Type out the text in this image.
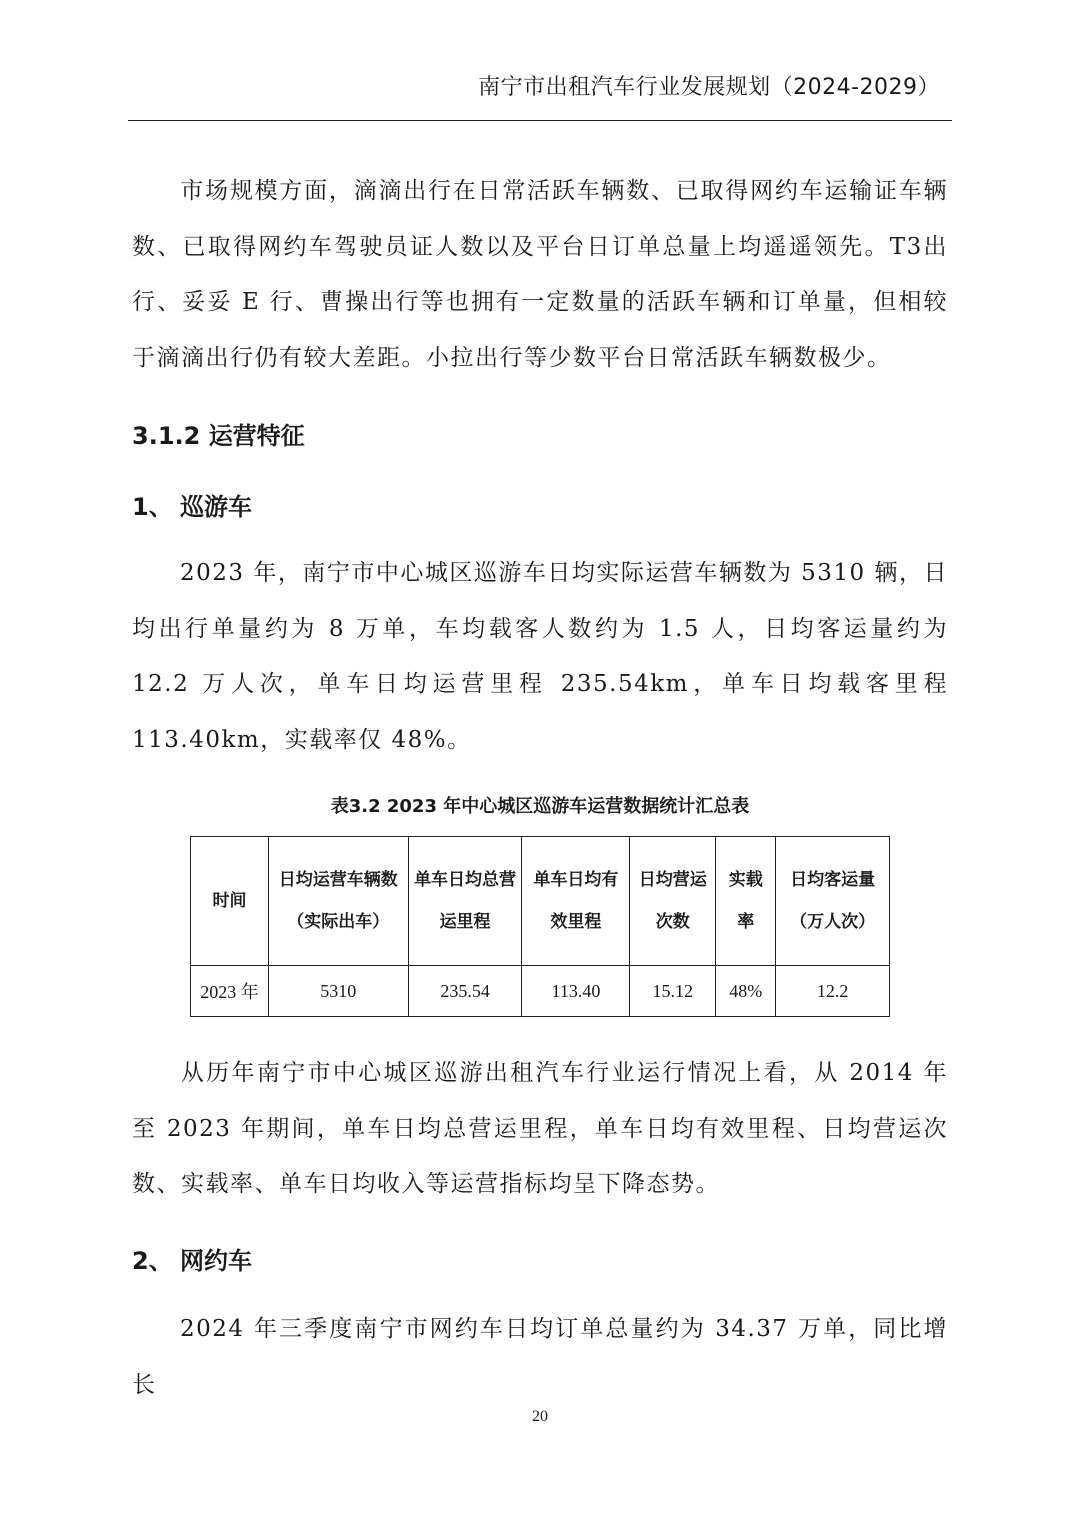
南宁市出租汽车行业发展规划（2024-2029）

市场规模方面，滴滴出行在日常活跃车辆数、已取得网约车运输证车辆数、已取得网约车驾驶员证人数以及平台日订单总量上均遥遥领先。T3出行、妥妥 E 行、曹操出行等也拥有一定数量的活跃车辆和订单量，但相较于滴滴出行仍有较大差距。小拉出行等少数平台日常活跃车辆数极少。

3.1.2 运营特征
1、 巡游车

2023 年，南宁市中心城区巡游车日均实际运营车辆数为 5310 辆，日均出行单量约为 8 万单，车均载客人数约为 1.5 人，日均客运量约为 12.2 万人次，单车日均运营里程 235.54km，单车日均载客里程 113.40km，实载率仅 48%。

表3.2 2023 年中心城区巡游车运营数据统计汇总表
时间	日均运营车辆数（实际出车）	单车日均总营运里程	单车日均有效里程	日均营运次数	实载率	日均客运量（万人次）
2023 年	5310	235.54	113.40	15.12	48%	12.2

从历年南宁市中心城区巡游出租汽车行业运行情况上看，从 2014 年至 2023 年期间，单车日均总营运里程，单车日均有效里程、日均营运次数、实载率、单车日均收入等运营指标均呈下降态势。

2、 网约车

2024 年三季度南宁市网约车日均订单总量约为 34.37 万单，同比增长

20
